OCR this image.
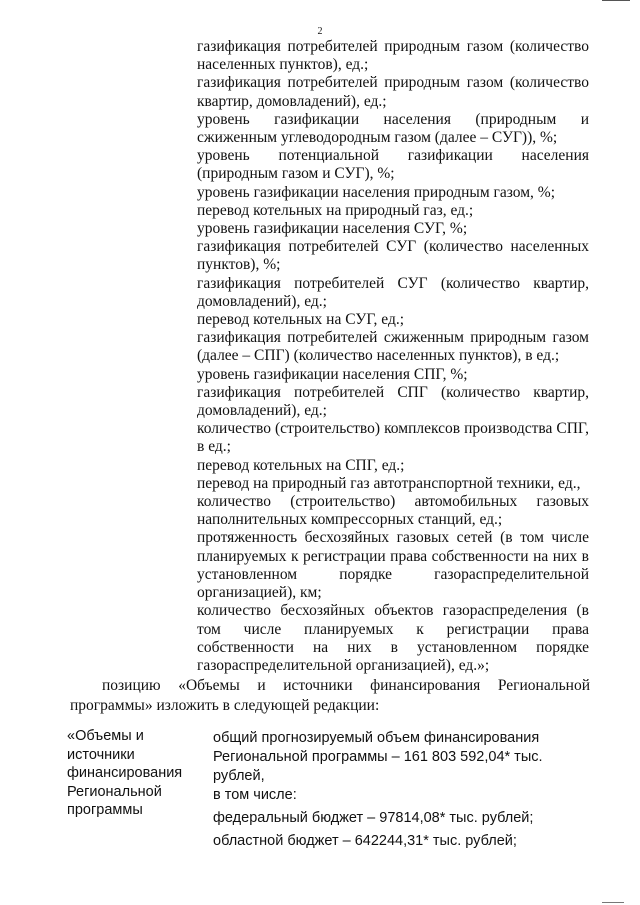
2

газификация потребителей природным газом (количество населенных пунктов), ед.;

газификация потребителей природным газом (количество квартир, домовладений), ед.;

уровень газификации населения (природным и сжиженным углеводородным газом (далее – СУГ)), %;

уровень потенциальной газификации населения (природным газом и СУГ), %;

уровень газификации населения природным газом, %;

перевод котельных на природный газ, ед.;

уровень газификации населения СУГ, %;

газификация потребителей СУГ (количество населенных пунктов), %;

газификация потребителей СУГ (количество квартир, домовладений), ед.;

перевод котельных на СУГ, ед.;

газификация потребителей сжиженным природным газом (далее – СПГ) (количество населенных пунктов), в ед.;

уровень газификации населения СПГ, %;

газификация потребителей СПГ (количество квартир, домовладений), ед.;

количество (строительство) комплексов производства СПГ, в ед.;

перевод котельных на СПГ, ед.;

перевод на природный газ автотранспортной техники, ед.,

количество (строительство) автомобильных газовых наполнительных компрессорных станций, ед.;

протяженность бесхозяйных газовых сетей (в том числе планируемых к регистрации права собственности на них в установленном порядке газораспределительной организацией), км;

количество бесхозяйных объектов газораспределения (в том числе планируемых к регистрации права собственности на них в установленном порядке газораспределительной организацией), ед.»;

позицию «Объемы и источники финансирования Региональной
программы» изложить в следующей редакции:
«Объемы и
источники
финансирования
Региональной
программы

общий прогнозируемый объем финансирования

Региональной программы – 161 803 592,04* тыс. рублей,

в том числе:

федеральный бюджет – 97814,08* тыс. рублей;

областной бюджет – 642244,31* тыс. рублей;
